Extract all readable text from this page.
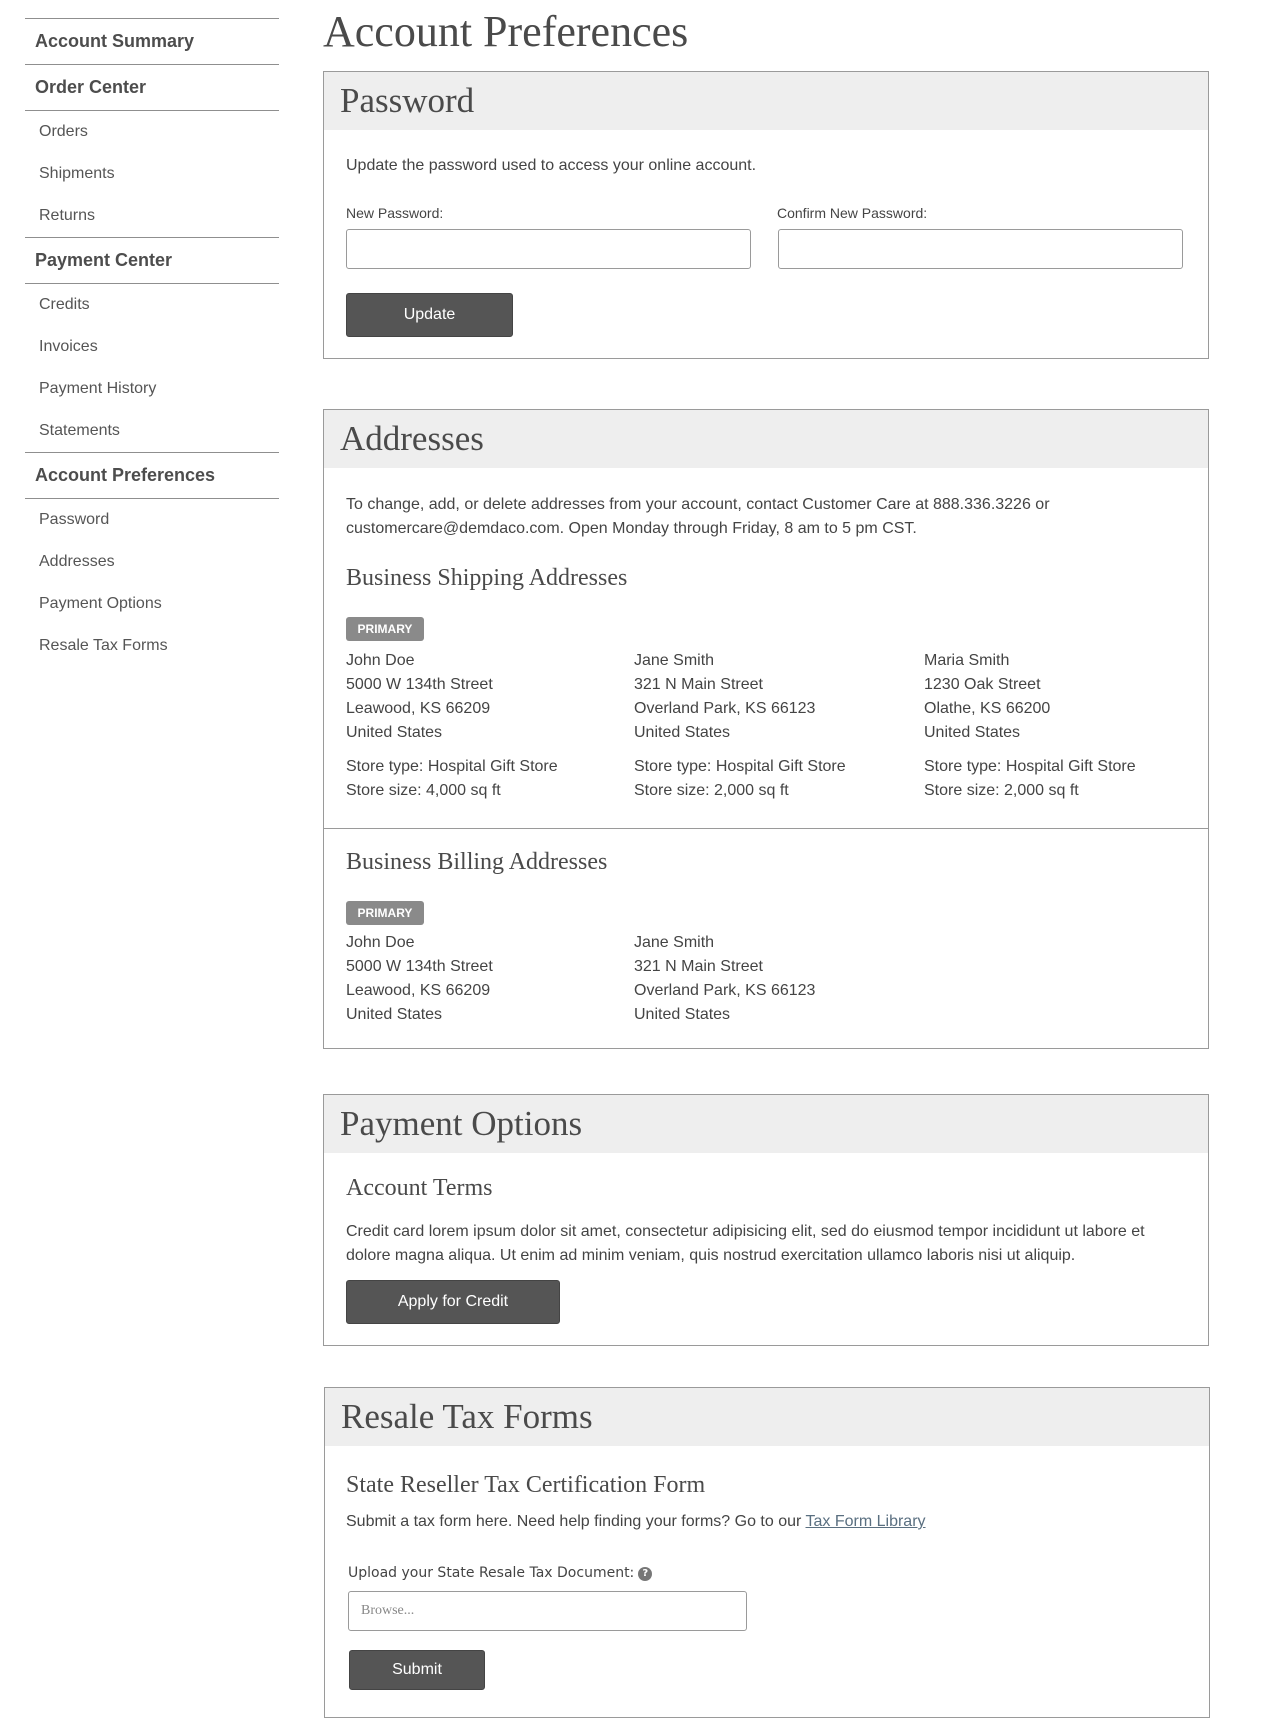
Account Summary
Order Center
Orders
Shipments
Returns
Payment Center
Credits
Invoices
Payment History
Statements
Account Preferences
Password
Addresses
Payment Options
Resale Tax Forms
Account Preferences
Password

Update the password used to access your online account.

New Password:	Confirm New Password:
Update
Addresses

To change, add, or delete addresses from your account, contact Customer Care at 888.336.3226 or

customercare@demdaco.com. Open Monday through Friday, 8 am to 5 pm CST.

Business Shipping Addresses
PRIMARY
John Doe
5000 W 134th Street
Leawood, KS 66209
United States
Store type: Hospital Gift Store
Store size: 4,000 sq ft
Jane Smith
321 N Main Street
Overland Park, KS 66123
United States
Store type: Hospital Gift Store
Store size: 2,000 sq ft
Maria Smith
1230 Oak Street
Olathe, KS 66200
United States
Store type: Hospital Gift Store
Store size: 2,000 sq ft
Business Billing Addresses
PRIMARY
John Doe
5000 W 134th Street
Leawood, KS 66209
United States
Jane Smith
321 N Main Street
Overland Park, KS 66123
United States
Payment Options
Account Terms

Credit card lorem ipsum dolor sit amet, consectetur adipisicing elit, sed do eiusmod tempor incididunt ut labore et

dolore magna aliqua. Ut enim ad minim veniam, quis nostrud exercitation ullamco laboris nisi ut aliquip.

Apply for Credit
Resale Tax Forms
State Reseller Tax Certification Form

Submit a tax form here. Need help finding your forms? Go to our Tax Form Library

Upload your State Resale Tax Document: ?
Browse...
Submit
